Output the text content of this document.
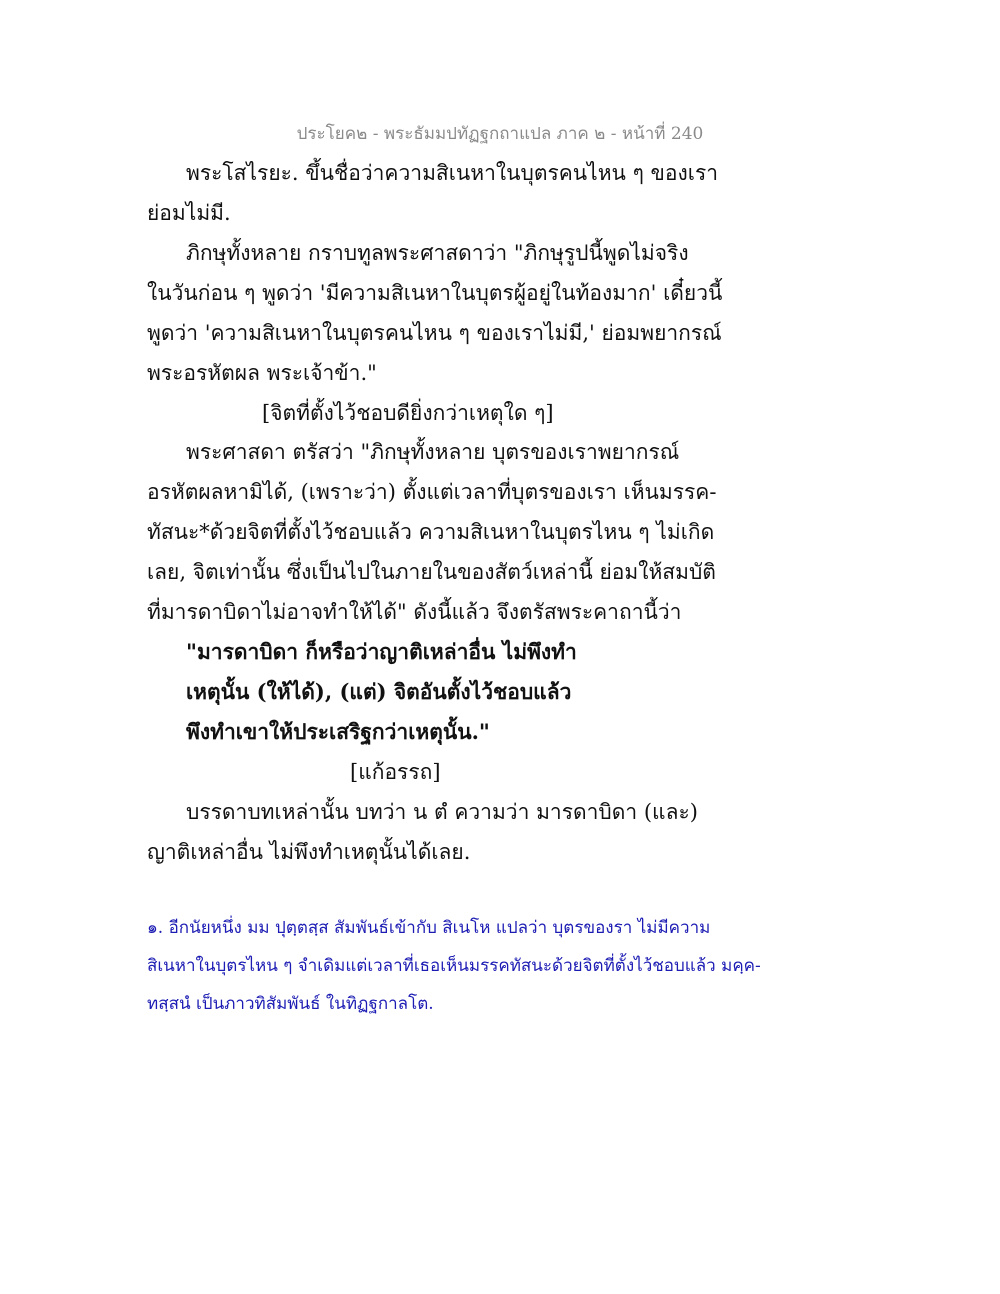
ประโยค๒ - พระธัมมปทัฏฐกถาแปล ภาค ๒ - หน้าที่ 240
พระโสไรยะ. ขึ้นชื่อว่าความสิเนหาในบุตรคนไหน ๆ ของเรา
ย่อมไม่มี.
ภิกษุทั้งหลาย กราบทูลพระศาสดาว่า "ภิกษุรูปนี้พูดไม่จริง
ในวันก่อน ๆ พูดว่า 'มีความสิเนหาในบุตรผู้อยู่ในท้องมาก' เดี๋ยวนี้
พูดว่า 'ความสิเนหาในบุตรคนไหน ๆ ของเราไม่มี,' ย่อมพยากรณ์
พระอรหัตผล พระเจ้าข้า."
[จิตที่ตั้งไว้ชอบดียิ่งกว่าเหตุใด ๆ]
พระศาสดา ตรัสว่า "ภิกษุทั้งหลาย บุตรของเราพยากรณ์
อรหัตผลหามิได้, (เพราะว่า) ตั้งแต่เวลาที่บุตรของเรา เห็นมรรค-
ทัสนะ*ด้วยจิตที่ตั้งไว้ชอบแล้ว ความสิเนหาในบุตรไหน ๆ ไม่เกิด
เลย, จิตเท่านั้น ซึ่งเป็นไปในภายในของสัตว์เหล่านี้ ย่อมให้สมบัติ
ที่มารดาบิดาไม่อาจทำให้ได้" ดังนี้แล้ว จึงตรัสพระคาถานี้ว่า
"มารดาบิดา ก็หรือว่าญาติเหล่าอื่น ไม่พึงทำ
เหตุนั้น (ให้ได้), (แต่) จิตอันตั้งไว้ชอบแล้ว
พึงทำเขาให้ประเสริฐกว่าเหตุนั้น."
[แก้อรรถ]
บรรดาบทเหล่านั้น บทว่า น ตํ ความว่า มารดาบิดา (และ)
ญาติเหล่าอื่น ไม่พึงทำเหตุนั้นได้เลย.
๑. อีกนัยหนึ่ง มม ปุตฺตสฺส สัมพันธ์เข้ากับ สิเนโห แปลว่า บุตรของรา ไม่มีความ
สิเนหาในบุตรไหน ๆ จำเดิมแต่เวลาที่เธอเห็นมรรคทัสนะด้วยจิตที่ตั้งไว้ชอบแล้ว มคฺค-
ทสฺสนํ เป็นภาวทิสัมพันธ์ ในทิฏฐกาลโต.
